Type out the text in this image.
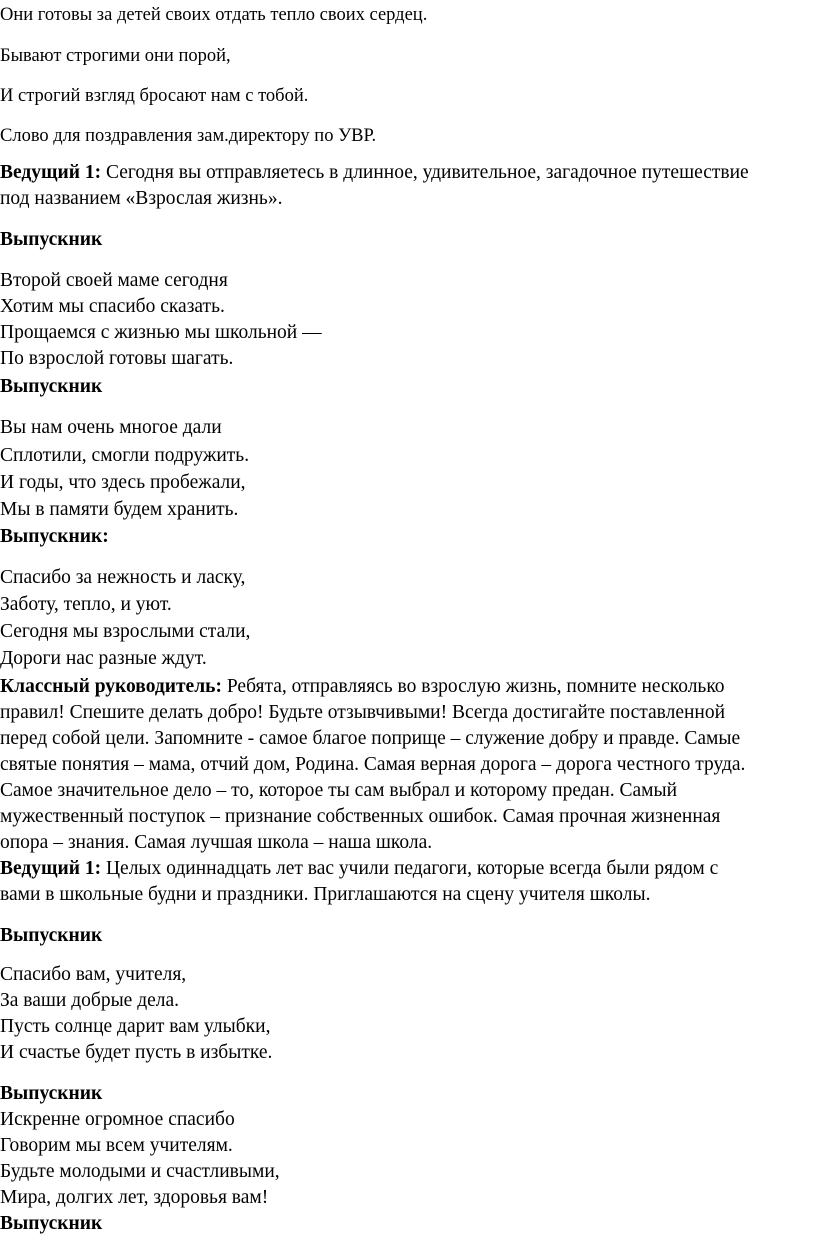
Они готовы за детей своих отдать тепло своих сердец.
Бывают строгими они порой,
И строгий взгляд бросают нам с тобой.
Слово для поздравления зам.директору по УВР.
Ведущий 1: Сегодня вы отправляетесь в длинное, удивительное, загадочное путешествие
под названием «Взрослая жизнь».
Выпускник
Второй своей маме сегодня
Хотим мы спасибо сказать.
Прощаемся с жизнью мы школьной —
По взрослой готовы шагать.
Выпускник
Вы нам очень многое дали
Сплотили, смогли подружить.
И годы, что здесь пробежали,
Мы в памяти будем хранить.
Выпускник:
Спасибо за нежность и ласку,
Заботу, тепло, и уют.
Сегодня мы взрослыми стали,
Дороги нас разные ждут.
Классный руководитель: Ребята, отправляясь во взрослую жизнь, помните несколько
правил! Спешите делать добро! Будьте отзывчивыми! Всегда достигайте поставленной
перед собой цели. Запомните - самое благое поприще – служение добру и правде. Самые
святые понятия – мама, отчий дом, Родина. Самая верная дорога – дорога честного труда.
Самое значительное дело – то, которое ты сам выбрал и которому предан. Самый
мужественный поступок – признание собственных ошибок. Самая прочная жизненная
опора – знания. Самая лучшая школа – наша школа.
Ведущий 1: Целых одиннадцать лет вас учили педагоги, которые всегда были рядом с
вами в школьные будни и праздники. Приглашаются на сцену учителя школы.
Выпускник
Спасибо вам, учителя,
За ваши добрые дела.
Пусть солнце дарит вам улыбки,
И счастье будет пусть в избытке.
Выпускник
Искренне огромное спасибо
Говорим мы всем учителям.
Будьте молодыми и счастливыми,
Мира, долгих лет, здоровья вам!
Выпускник
